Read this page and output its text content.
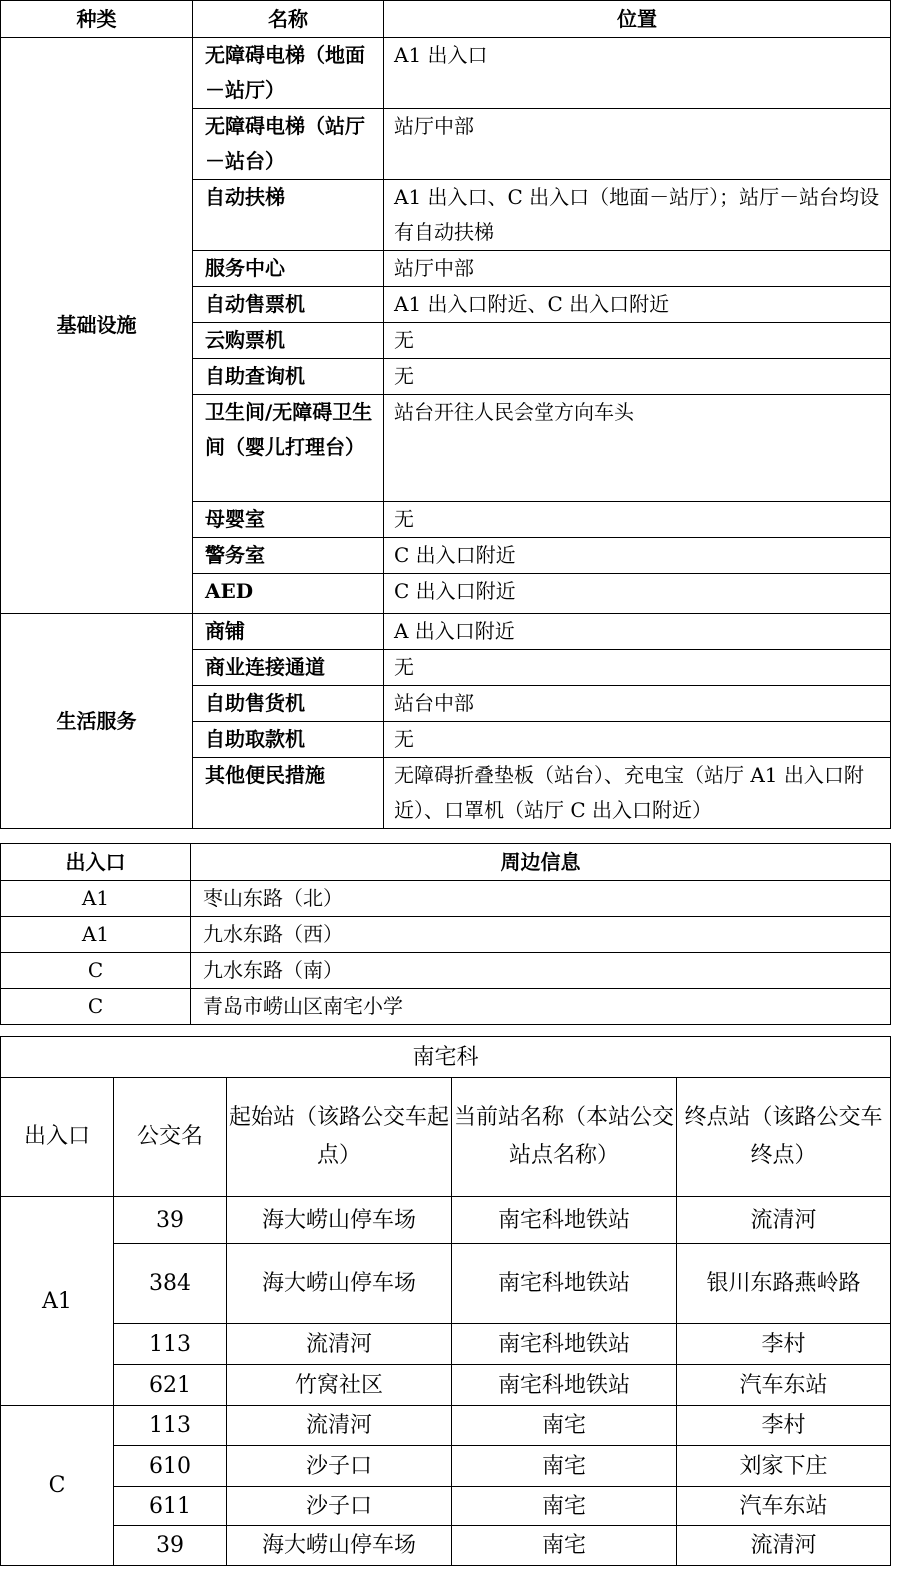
种类	名称	位置
基础设施	无障碍电梯（地面－站厅）	A1 出入口
	无障碍电梯（站厅－站台）	站厅中部
	自动扶梯	A1 出入口、C 出入口（地面－站厅）；站厅－站台均设有自动扶梯
	服务中心	站厅中部
	自动售票机	A1 出入口附近、C 出入口附近
	云购票机	无
	自助查询机	无
	卫生间/无障碍卫生间（婴儿打理台）	站台开往人民会堂方向车头
	母婴室	无
	警务室	C 出入口附近
	AED	C 出入口附近
生活服务	商铺	A 出入口附近
	商业连接通道	无
	自助售货机	站台中部
	自助取款机	无
	其他便民措施	无障碍折叠垫板（站台）、充电宝（站厅 A1 出入口附近）、口罩机（站厅 C 出入口附近）
出入口	周边信息
A1	枣山东路（北）
A1	九水东路（西）
C	九水东路（南）
C	青岛市崂山区南宅小学
南宅科				
出入口	公交名	起始站（该路公交车起点）	当前站名称（本站公交站点名称）	终点站（该路公交车终点）
A1	39	海大崂山停车场	南宅科地铁站	流清河
	384	海大崂山停车场	南宅科地铁站	银川东路燕岭路
	113	流清河	南宅科地铁站	李村
	621	竹窝社区	南宅科地铁站	汽车东站
C	113	流清河	南宅	李村
	610	沙子口	南宅	刘家下庄
	611	沙子口	南宅	汽车东站
	39	海大崂山停车场	南宅	流清河
